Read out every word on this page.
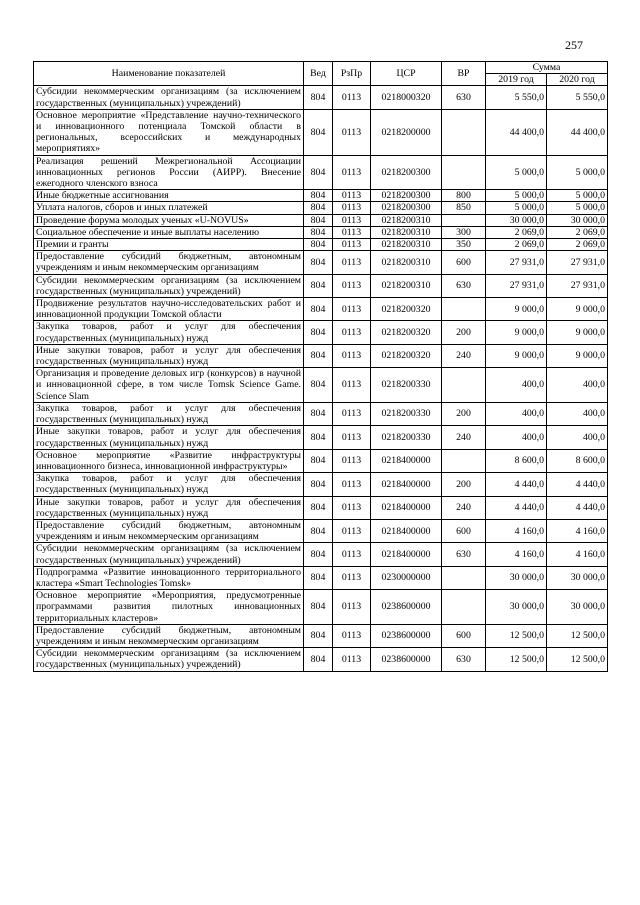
257
Наименование показателей	Вед	РзПр	ЦСР	ВР	Сумма	
					2019 год	2020 год
Субсидии некоммерческим организациям (за исключением государственных (муниципальных) учреждений)	804	0113	0218000320	630	5 550,0	5 550,0
Основное мероприятие «Представление научно-технического и инновационного потенциала Томской области в региональных, всероссийских и международных мероприятиях»	804	0113	0218200000		44 400,0	44 400,0
Реализация решений Межрегиональной Ассоциации инновационных регионов России (АИРР). Внесение ежегодного членского взноса	804	0113	0218200300		5 000,0	5 000,0
Иные бюджетные ассигнования	804	0113	0218200300	800	5 000,0	5 000,0
Уплата налогов, сборов и иных платежей	804	0113	0218200300	850	5 000,0	5 000,0
Проведение форума молодых ученых «U-NOVUS»	804	0113	0218200310		30 000,0	30 000,0
Социальное обеспечение и иные выплаты населению	804	0113	0218200310	300	2 069,0	2 069,0
Премии и гранты	804	0113	0218200310	350	2 069,0	2 069,0
Предоставление субсидий бюджетным, автономным учреждениям и иным некоммерческим организациям	804	0113	0218200310	600	27 931,0	27 931,0
Субсидии некоммерческим организациям (за исключением государственных (муниципальных) учреждений)	804	0113	0218200310	630	27 931,0	27 931,0
Продвижение результатов научно-исследовательских работ и инновационной продукции Томской области	804	0113	0218200320		9 000,0	9 000,0
Закупка товаров, работ и услуг для обеспечения государственных (муниципальных) нужд	804	0113	0218200320	200	9 000,0	9 000,0
Иные закупки товаров, работ и услуг для обеспечения государственных (муниципальных) нужд	804	0113	0218200320	240	9 000,0	9 000,0
Организация и проведение деловых игр (конкурсов) в научной и инновационной сфере, в том числе Tomsk Science Game. Science Slam	804	0113	0218200330		400,0	400,0
Закупка товаров, работ и услуг для обеспечения государственных (муниципальных) нужд	804	0113	0218200330	200	400,0	400,0
Иные закупки товаров, работ и услуг для обеспечения государственных (муниципальных) нужд	804	0113	0218200330	240	400,0	400,0
Основное мероприятие «Развитие инфраструктуры инновационного бизнеса, инновационной инфраструктуры»	804	0113	0218400000		8 600,0	8 600,0
Закупка товаров, работ и услуг для обеспечения государственных (муниципальных) нужд	804	0113	0218400000	200	4 440,0	4 440,0
Иные закупки товаров, работ и услуг для обеспечения государственных (муниципальных) нужд	804	0113	0218400000	240	4 440,0	4 440,0
Предоставление субсидий бюджетным, автономным учреждениям и иным некоммерческим организациям	804	0113	0218400000	600	4 160,0	4 160,0
Субсидии некоммерческим организациям (за исключением государственных (муниципальных) учреждений)	804	0113	0218400000	630	4 160,0	4 160,0
Подпрограмма «Развитие инновационного территориального кластера «Smart Technologies Tomsk»	804	0113	0230000000		30 000,0	30 000,0
Основное мероприятие «Мероприятия, предусмотренные программами развития пилотных инновационных территориальных кластеров»	804	0113	0238600000		30 000,0	30 000,0
Предоставление субсидий бюджетным, автономным учреждениям и иным некоммерческим организациям	804	0113	0238600000	600	12 500,0	12 500,0
Субсидии некоммерческим организациям (за исключением государственных (муниципальных) учреждений)	804	0113	0238600000	630	12 500,0	12 500,0
